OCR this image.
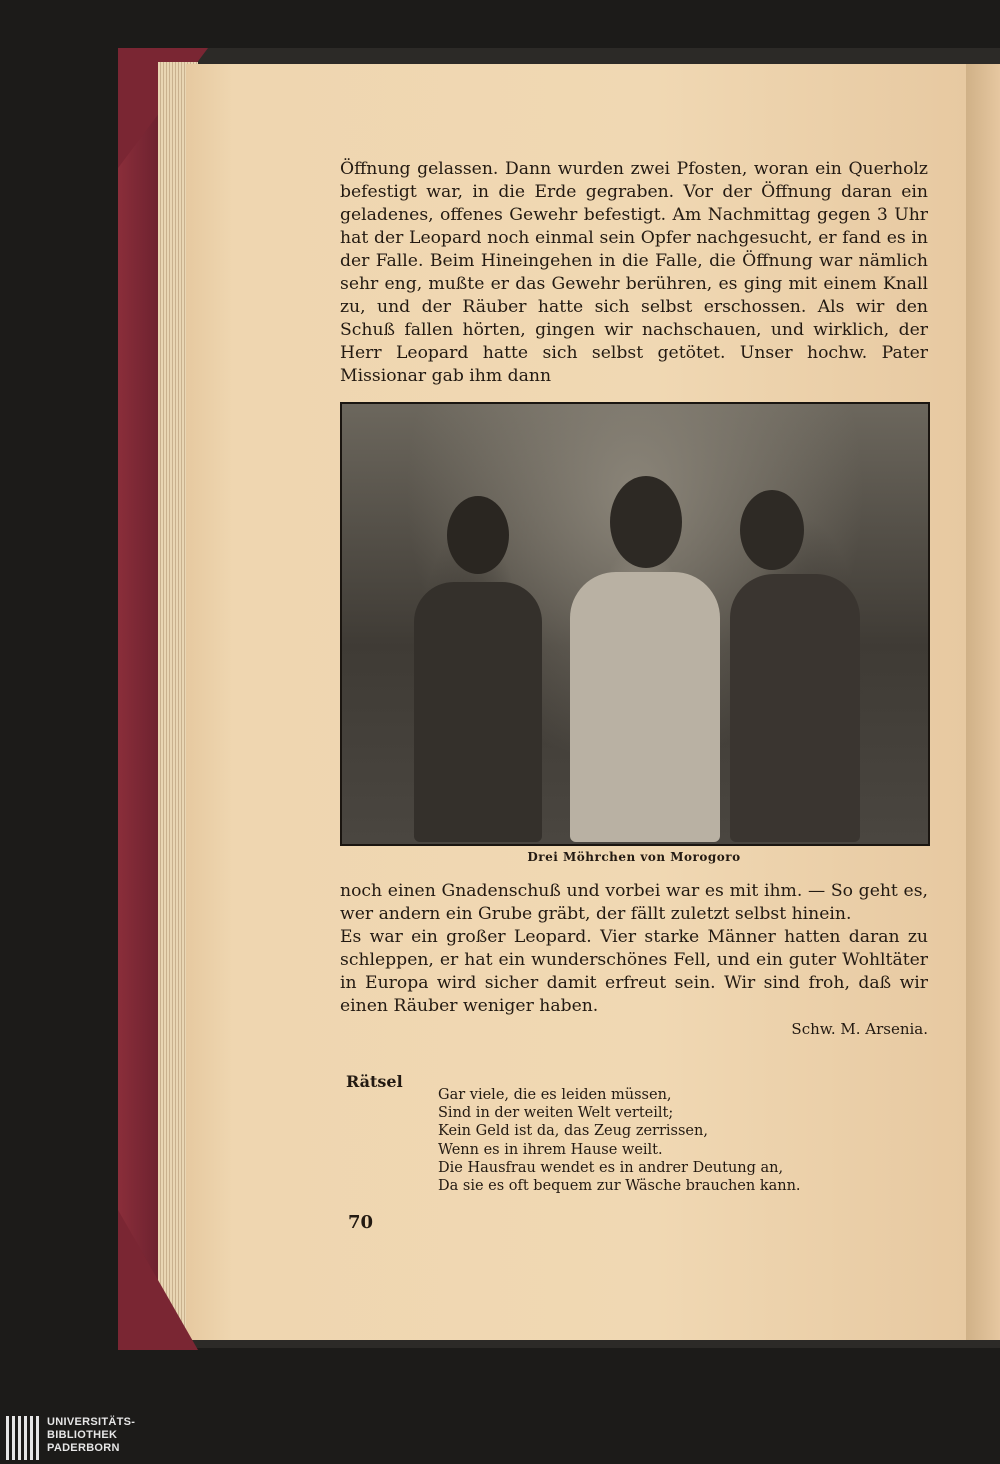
Öffnung gelassen. Dann wurden zwei Pfosten, woran ein Querholz befestigt war, in die Erde gegraben. Vor der Öffnung daran ein geladenes, offenes Gewehr befestigt. Am Nachmittag gegen 3 Uhr hat der Leopard noch einmal sein Opfer nachgesucht, er fand es in der Falle. Beim Hineingehen in die Falle, die Öffnung war nämlich sehr eng, mußte er das Gewehr berühren, es ging mit einem Knall zu, und der Räuber hatte sich selbst erschossen. Als wir den Schuß fallen hörten, gingen wir nachschauen, und wirklich, der Herr Leopard hatte sich selbst getötet. Unser hochw. Pater Missionar gab ihm dann

Drei Möhrchen von Morogoro

noch einen Gnadenschuß und vorbei war es mit ihm. — So geht es, wer andern ein Grube gräbt, der fällt zuletzt selbst hinein.

Es war ein großer Leopard. Vier starke Männer hatten daran zu schleppen, er hat ein wunderschönes Fell, und ein guter Wohltäter in Europa wird sicher damit erfreut sein. Wir sind froh, daß wir einen Räuber weniger haben.

Schw. M. Arsenia.

Rätsel
Gar viele, die es leiden müssen,
Sind in der weiten Welt verteilt;
Kein Geld ist da, das Zeug zerrissen,
Wenn es in ihrem Hause weilt.
Die Hausfrau wendet es in andrer Deutung an,
Da sie es oft bequem zur Wäsche brauchen kann.
70
UNIVERSITÄTS-
BIBLIOTHEK
PADERBORN
